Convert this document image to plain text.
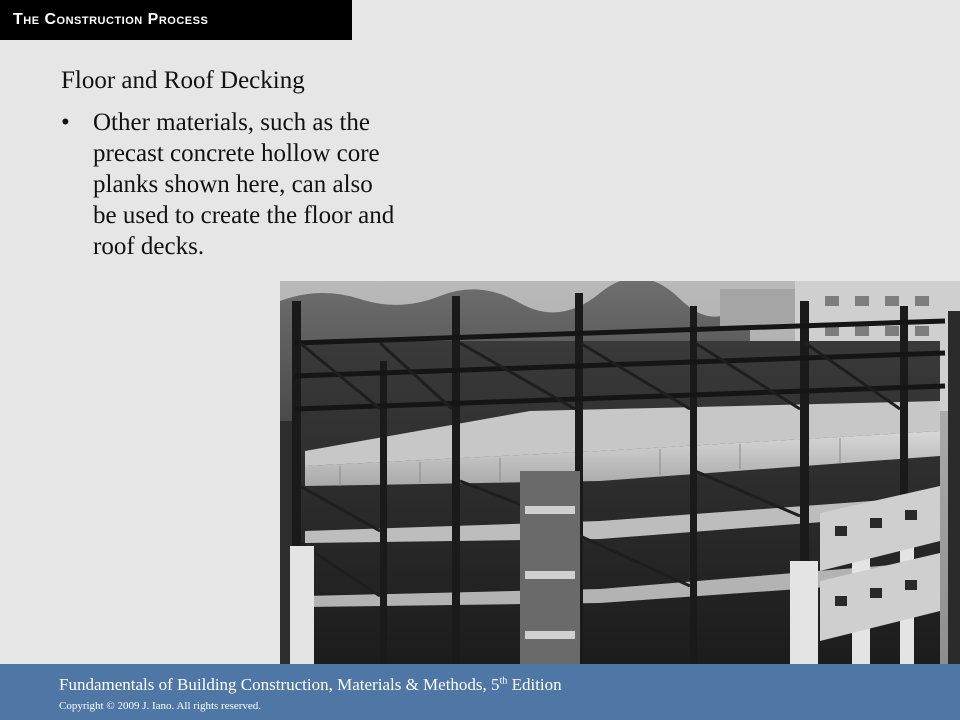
The Construction Process
Floor and Roof Decking
• Other materials, such as the precast concrete hollow core planks shown here, can also be used to create the floor and roof decks.
Fundamentals of Building Construction, Materials & Methods, 5th Edition
Copyright © 2009 J. Iano. All rights reserved.
